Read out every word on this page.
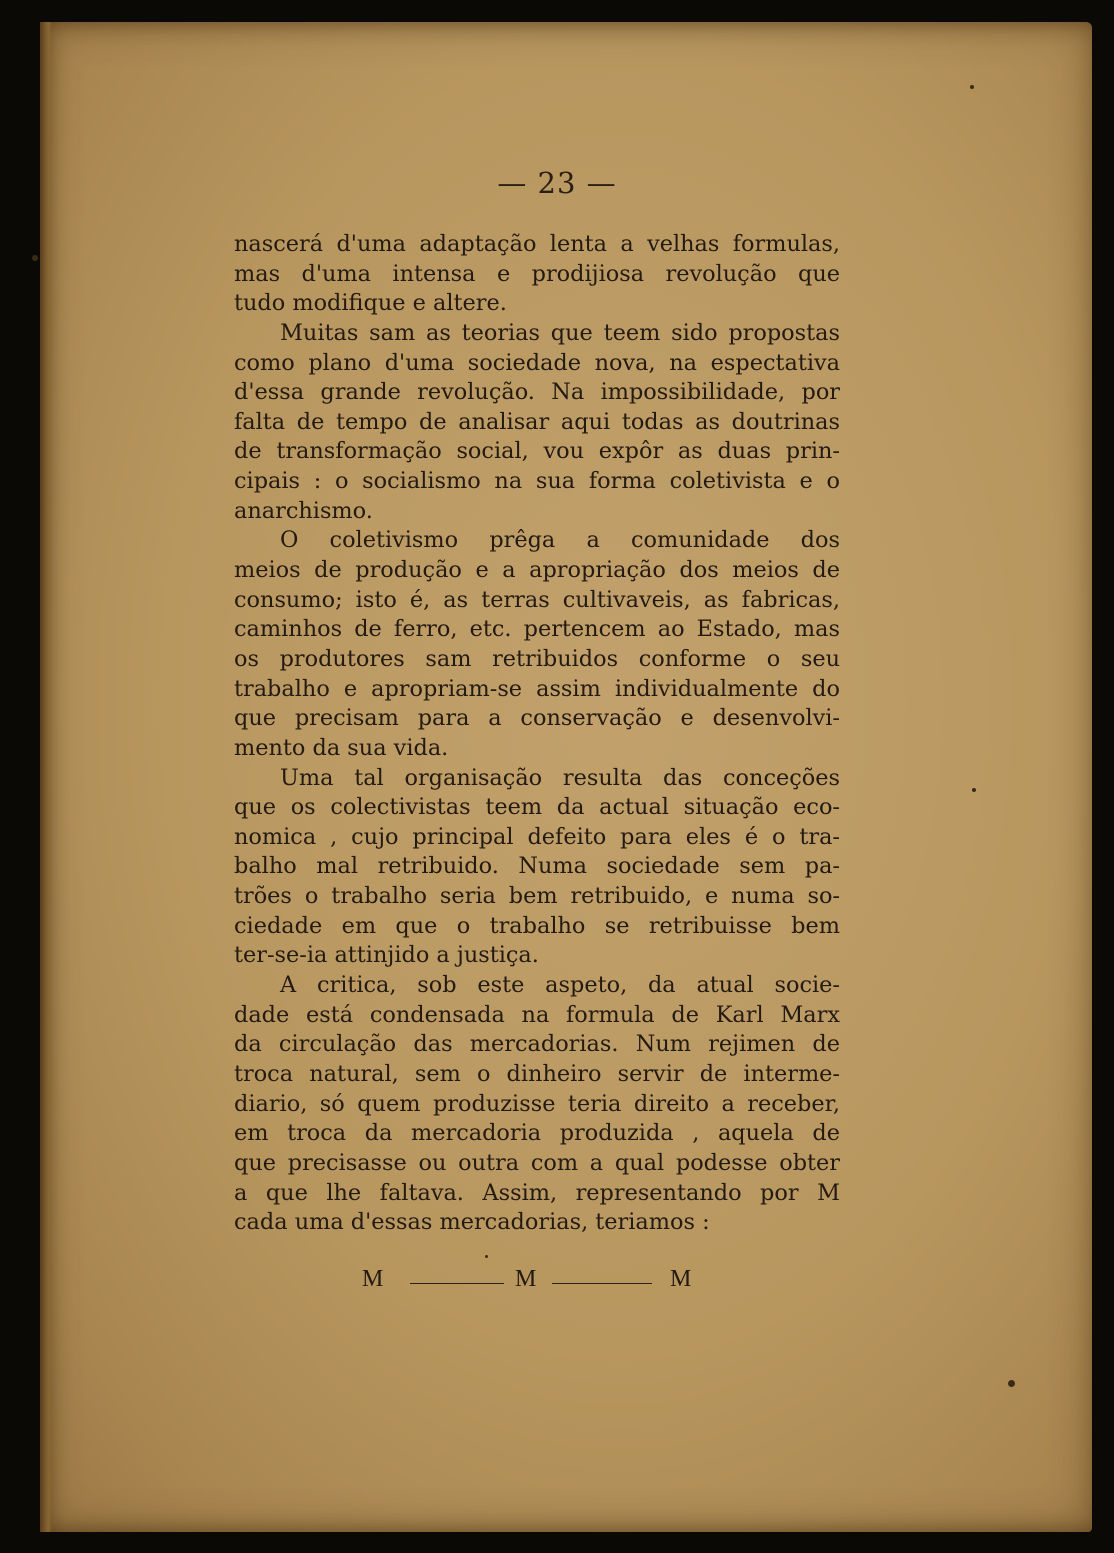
— 23 —
nascerá d'uma adaptação lenta a velhas formulas,
mas d'uma intensa e prodijiosa revolução que
tudo modifique e altere.
Muitas sam as teorias que teem sido propostas
como plano d'uma sociedade nova, na espectativa
d'essa grande revolução. Na impossibilidade, por
falta de tempo de analisar aqui todas as doutrinas
de transformação social, vou expôr as duas prin-
cipais : o socialismo na sua forma coletivista e o
anarchismo.
O coletivismo prêga a comunidade dos
meios de produção e a apropriação dos meios de
consumo; isto é, as terras cultivaveis, as fabricas,
caminhos de ferro, etc. pertencem ao Estado, mas
os produtores sam retribuidos conforme o seu
trabalho e apropriam-se assim individualmente do
que precisam para a conservação e desenvolvi-
mento da sua vida.
Uma tal organisação resulta das conceções
que os colectivistas teem da actual situação eco-
nomica , cujo principal defeito para eles é o tra-
balho mal retribuido. Numa sociedade sem pa-
trões o trabalho seria bem retribuido, e numa so-
ciedade em que o trabalho se retribuisse bem
ter-se-ia attinjido a justiça.
A critica, sob este aspeto, da atual socie-
dade está condensada na formula de Karl Marx
da circulação das mercadorias. Num rejimen de
troca natural, sem o dinheiro servir de interme-
diario, só quem produzisse teria direito a receber,
em troca da mercadoria produzida , aquela de
que precisasse ou outra com a qual podesse obter
a que lhe faltava. Assim, representando por M
cada uma d'essas mercadorias, teriamos :
M	M	M
